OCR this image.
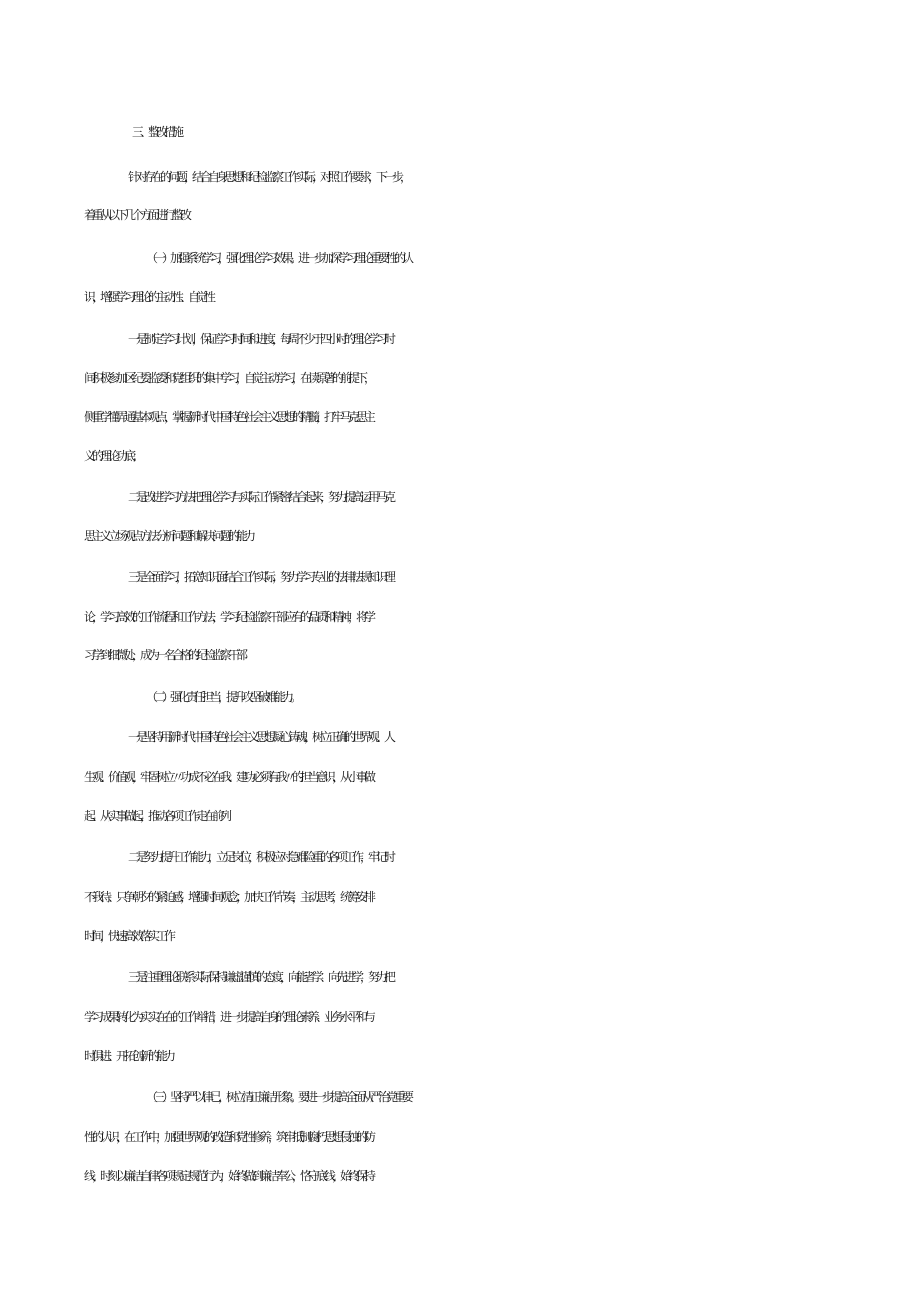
三、整改措施
针对存在的问题，结合自身思想和纪检监察工作实际，对照工作要求，下一步，
着重从以下几个方面进行整改
（一）加强系统学习，强化理论学习效果。进一步加深学习理论重要性的认
识，增强学习理论的主动性、自觉性
一是制定学习计划，保证学习时间和进度，每周不少于四小时的理论学习时
间积极参加区纪委监委和党组织的集中学习，自觉主动学习，在读原著的前提下，
侧重学懂弄通基本观点，掌握新时代中国特色社会主义思想的精髓，打牢马克思主
义的理论功底；
二是改进学习方法把理论学习与实际工作紧密结合起来，努力提高运用马克
思主义立场观点方法分析问题和解决问题的能力
三是全面学习，拓宽知识面结合工作实际，努力学习专业的法律法规知识理
论，学习高效的工作流程和工作方法，学习纪检监察干部应有的品质和精神，将学
习学到细微处，成为一名合格的纪检监察干部
（二）强化责任担当，提升攻坚破难能力。
一是坚持用新时代中国特色社会主义思想凝心铸魂，树立正确的世界观、人
生观、价值观，牢固树立〃功成不必在我、建功必须有我〃的担当意识，从小事做
起、从实事做起，推动各项工作走在前列
二是努力提升工作能力，立足岗位，积极应对急难险重的各项工作，牢记时
不我待、只争朝夕的紧迫感，增强时间观念，加快工作节奏，主动思考，统筹安排
时间，快速高效落实工作
三是注重理论联系实际保持谦虚谨慎的态度，向能者学、向先进学，努力把
学习成果转化为实实在在的工作举措，进一步提高自身的理论素养、业务水平和与
时俱进、开拓创新的能力
（三）坚持严以律己，树立清正廉洁形象。要进一步提高全面从严治党重要
性的认识，在工作中，加强世界观的改造和党性修养，筑牢抵制腐朽思想侵蚀的防
线，时刻以廉洁自律各项规定规范行为，始终做到廉洁奉公，恪守底线，始终保持
